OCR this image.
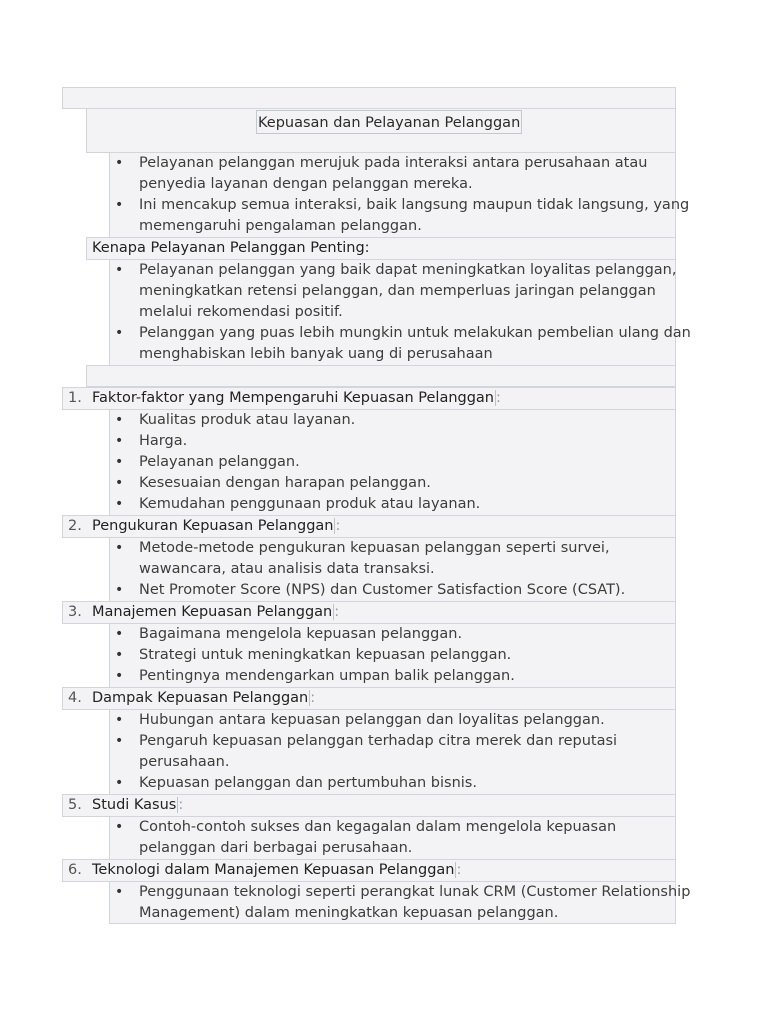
Kepuasan dan Pelayanan Pelanggan
• Pelayanan pelanggan merujuk pada interaksi antara perusahaan atau
penyedia layanan dengan pelanggan mereka.
• Ini mencakup semua interaksi, baik langsung maupun tidak langsung, yang
memengaruhi pengalaman pelanggan.
Kenapa Pelayanan Pelanggan Penting:
• Pelayanan pelanggan yang baik dapat meningkatkan loyalitas pelanggan,
meningkatkan retensi pelanggan, dan memperluas jaringan pelanggan
melalui rekomendasi positif.
• Pelanggan yang puas lebih mungkin untuk melakukan pembelian ulang dan
menghabiskan lebih banyak uang di perusahaan
1. Faktor-faktor yang Mempengaruhi Kepuasan Pelanggan :
• Kualitas produk atau layanan.
• Harga.
• Pelayanan pelanggan.
• Kesesuaian dengan harapan pelanggan.
• Kemudahan penggunaan produk atau layanan.
2. Pengukuran Kepuasan Pelanggan :
• Metode-metode pengukuran kepuasan pelanggan seperti survei,
wawancara, atau analisis data transaksi.
• Net Promoter Score (NPS) dan Customer Satisfaction Score (CSAT).
3. Manajemen Kepuasan Pelanggan :
• Bagaimana mengelola kepuasan pelanggan.
• Strategi untuk meningkatkan kepuasan pelanggan.
• Pentingnya mendengarkan umpan balik pelanggan.
4. Dampak Kepuasan Pelanggan :
• Hubungan antara kepuasan pelanggan dan loyalitas pelanggan.
• Pengaruh kepuasan pelanggan terhadap citra merek dan reputasi
perusahaan.
• Kepuasan pelanggan dan pertumbuhan bisnis.
5. Studi Kasus :
• Contoh-contoh sukses dan kegagalan dalam mengelola kepuasan
pelanggan dari berbagai perusahaan.
6. Teknologi dalam Manajemen Kepuasan Pelanggan :
• Penggunaan teknologi seperti perangkat lunak CRM (Customer Relationship
Management) dalam meningkatkan kepuasan pelanggan.
